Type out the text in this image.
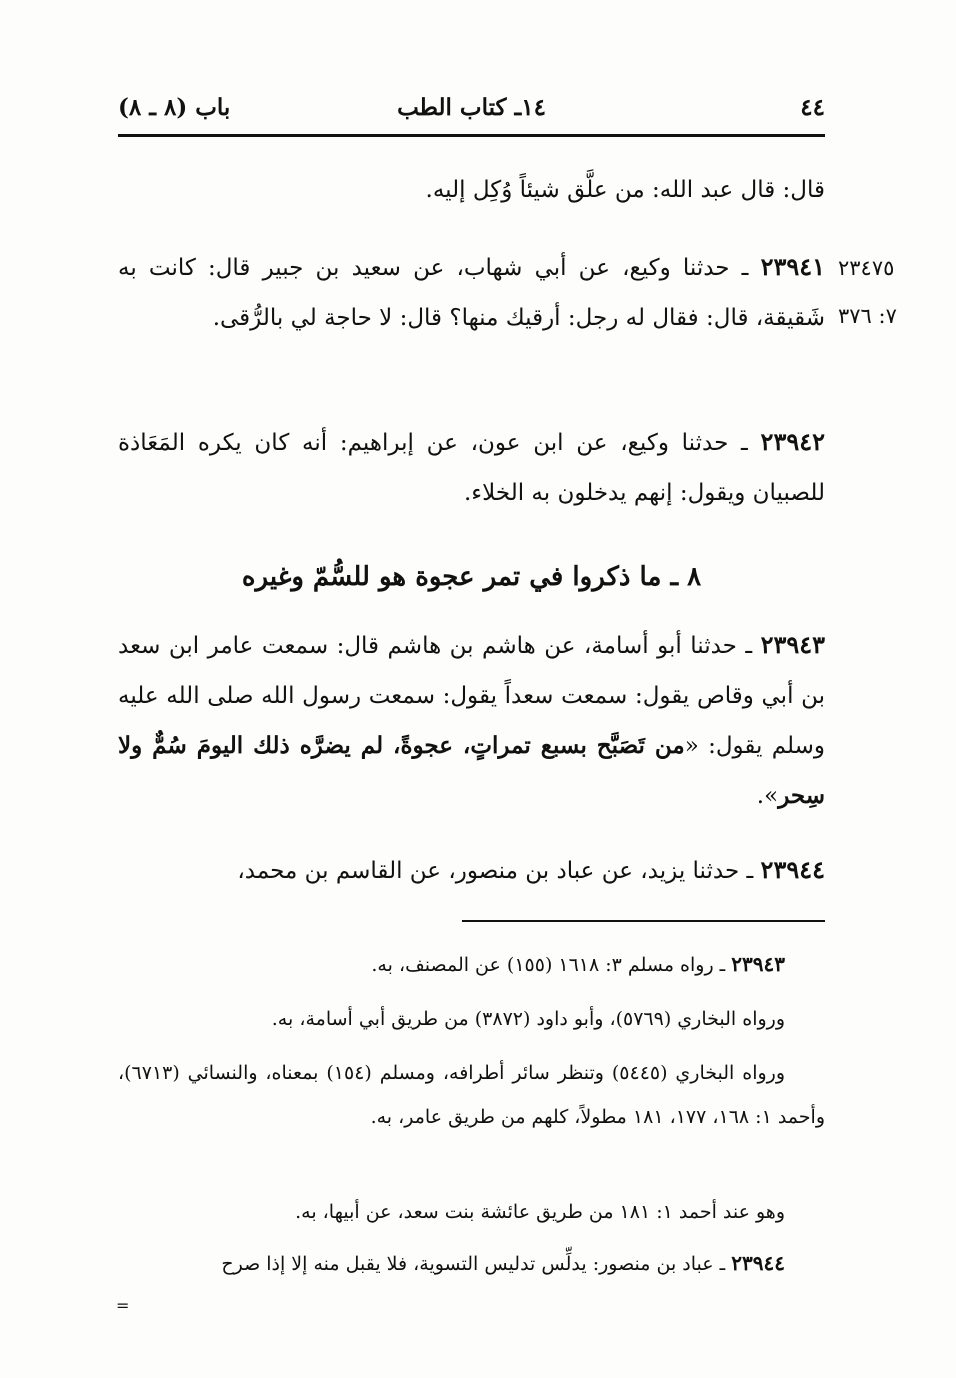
٤٤
١٤ـ كتاب الطب
باب (٨ ـ ٨)

قال: قال عبد الله: من علَّق شيئاً وُكِل إليه.

٢٣٤٧٥
٧: ٣٧٦

٢٣٩٤١ ـ حدثنا وكيع، عن أبي شهاب، عن سعيد بن جبير قال: كانت به شَقيقة، قال: فقال له رجل: أرقيك منها؟ قال: لا حاجة لي بالرُّقى.

٢٣٩٤٢ ـ حدثنا وكيع، عن ابن عون، عن إبراهيم: أنه كان يكره المَعَاذة للصبيان ويقول: إنهم يدخلون به الخلاء.

٨ ـ ما ذكروا في تمر عجوة هو للسُّمّ وغيره

٢٣٩٤٣ ـ حدثنا أبو أسامة، عن هاشم بن هاشم قال: سمعت عامر ابن سعد بن أبي وقاص يقول: سمعت سعداً يقول: سمعت رسول الله صلى الله عليه وسلم يقول: «من تَصَبَّح بسبع تمراتٍ، عجوةً، لم يضرَّه ذلك اليومَ سُمٌّ ولا سِحر».

٢٣٩٤٤ ـ حدثنا يزيد، عن عباد بن منصور، عن القاسم بن محمد،

٢٣٩٤٣ ـ رواه مسلم ٣: ١٦١٨ (١٥٥) عن المصنف، به.

ورواه البخاري (٥٧٦٩)، وأبو داود (٣٨٧٢) من طريق أبي أسامة، به.

ورواه البخاري (٥٤٤٥) وتنظر سائر أطرافه، ومسلم (١٥٤) بمعناه، والنسائي (٦٧١٣)، وأحمد ١: ١٦٨، ١٧٧، ١٨١ مطولاً، كلهم من طريق عامر، به.

وهو عند أحمد ١: ١٨١ من طريق عائشة بنت سعد، عن أبيها، به.

٢٣٩٤٤ ـ عباد بن منصور: يدلِّس تدليس التسوية، فلا يقبل منه إلا إذا صرح

=
